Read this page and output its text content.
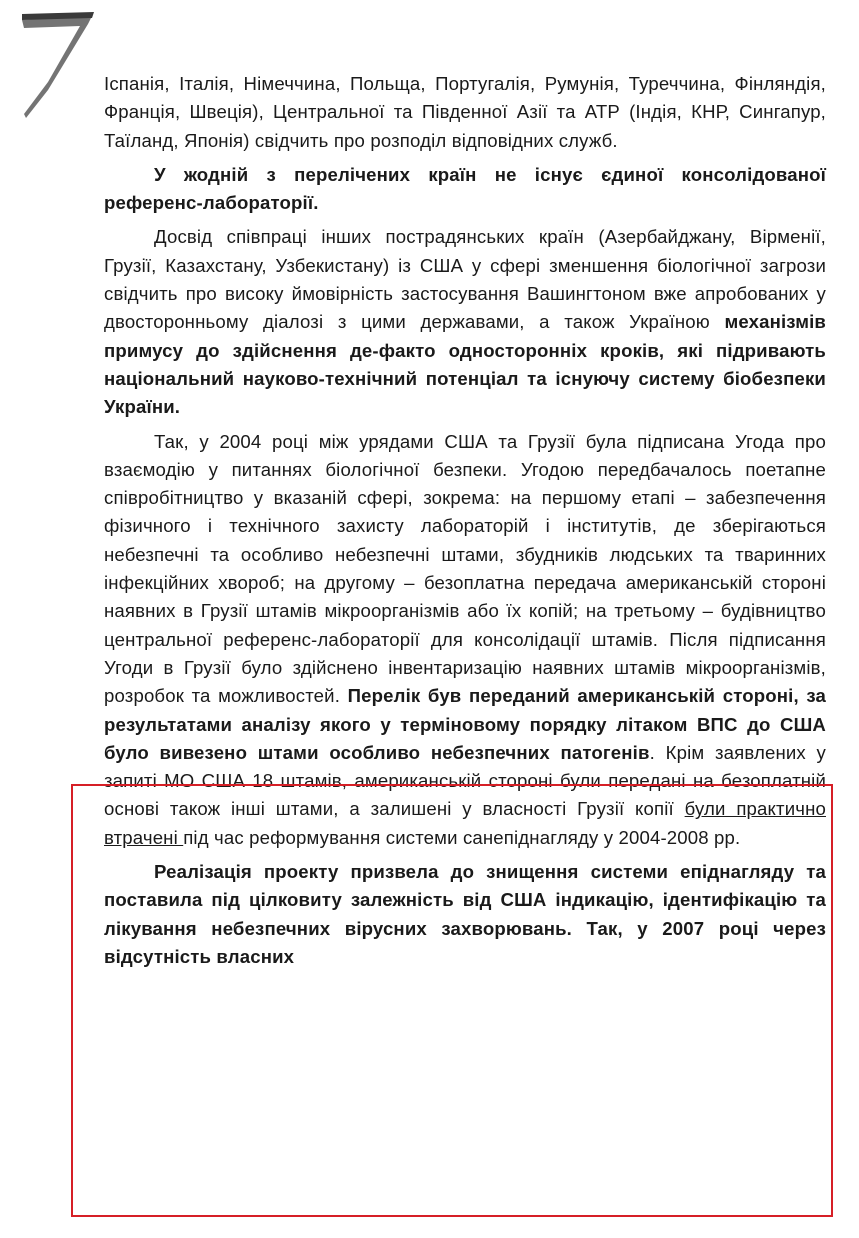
7

Іспанія, Італія, Німеччина, Польща, Португалія, Румунія, Туреччина, Фінляндія, Франція, Швеція), Центральної та Південної Азії та АТР (Індія, КНР, Сингапур, Таїланд, Японія) свідчить про розподіл відповідних служб.

У жодній з перелічених країн не існує єдиної консолідованої референс-лабораторії.

Досвід співпраці інших пострадянських країн (Азербайджану, Вірменії, Грузії, Казахстану, Узбекистану) із США у сфері зменшення біологічної загрози свідчить про високу ймовірність застосування Вашингтоном вже апробованих у двосторонньому діалозі з цими державами, а також Україною механізмів примусу до здійснення де-факто односторонніх кроків, які підривають національний науково-технічний потенціал та існуючу систему біобезпеки України.

Так, у 2004 році між урядами США та Грузії була підписана Угода про взаємодію у питаннях біологічної безпеки. Угодою передбачалось поетапне співробітництво у вказаній сфері, зокрема: на першому етапі – забезпечення фізичного і технічного захисту лабораторій і інститутів, де зберігаються небезпечні та особливо небезпечні штами, збудників людських та тваринних інфекційних хвороб; на другому – безоплатна передача американській стороні наявних в Грузії штамів мікроорганізмів або їх копій; на третьому – будівництво центральної референс-лабораторії для консолідації штамів. Після підписання Угоди в Грузії було здійснено інвентаризацію наявних штамів мікроорганізмів, розробок та можливостей. Перелік був переданий американській стороні, за результатами аналізу якого у терміновому порядку літаком ВПС до США було вивезено штами особливо небезпечних патогенів. Крім заявлених у запиті МО США 18 штамів, американській стороні були передані на безоплатній основі також інші штами, а залишені у власності Грузії копії були практично втрачені під час реформування системи санепіднагляду у 2004-2008 рр.

Реалізація проекту призвела до знищення системи епіднагляду та поставила під цілковиту залежність від США індикацію, ідентифікацію та лікування небезпечних вірусних захворювань. Так, у 2007 році через відсутність власних
